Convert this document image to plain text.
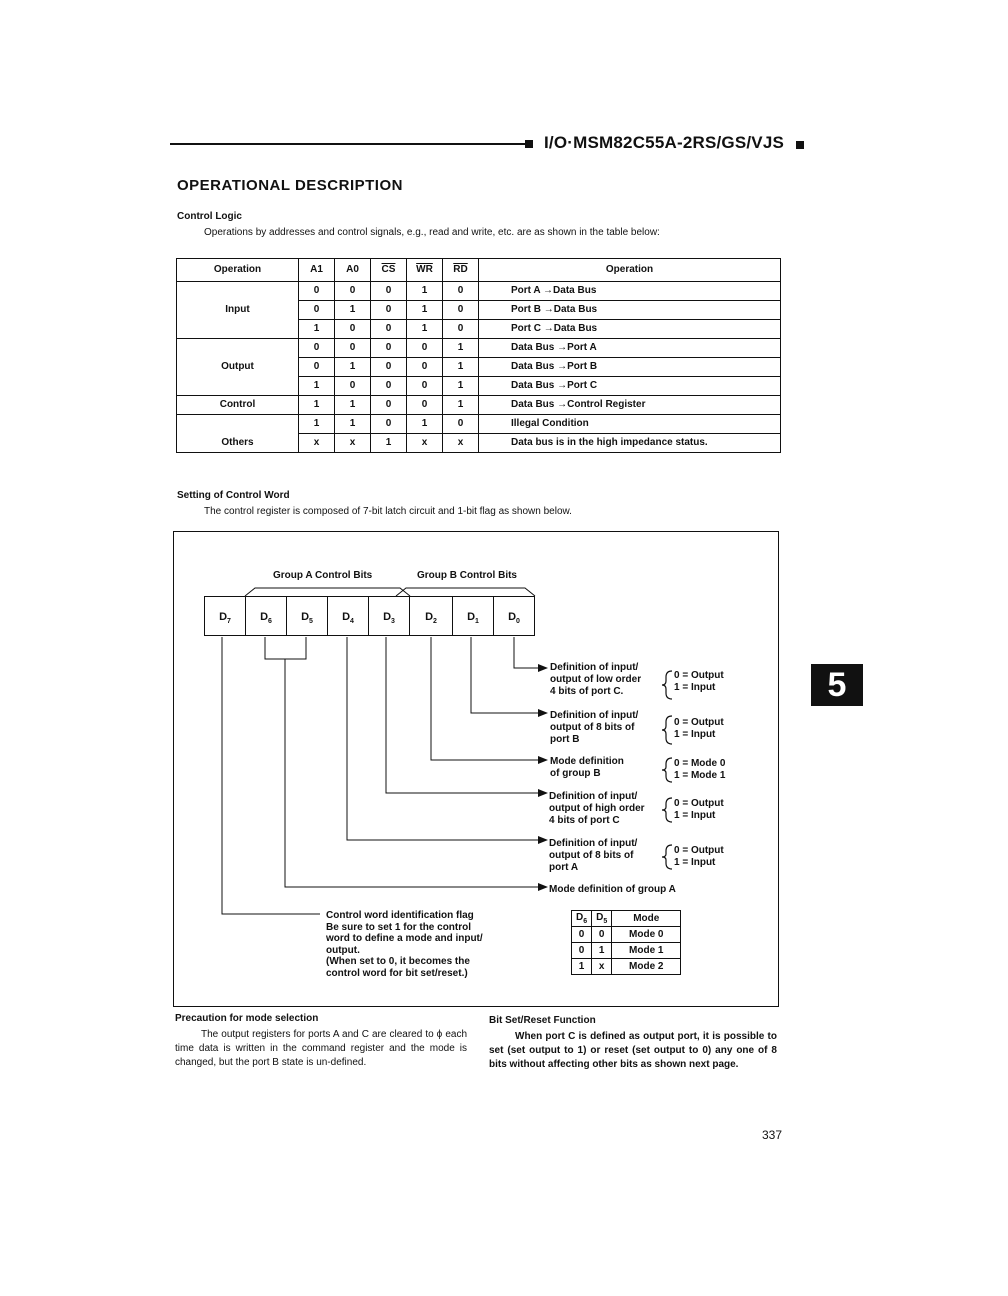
I/O·MSM82C55A-2RS/GS/VJS
OPERATIONAL DESCRIPTION
Control Logic
Operations by addresses and control signals, e.g., read and write, etc. are as shown in the table below:
Operation	A1	A0	$\overline{CS}$	$\overline{WR}$	$\overline{RD}$	Operation
Input	0	0	0	1	0	Port A →Data Bus
	0	1	0	1	0	Port B →Data Bus
	1	0	0	1	0	Port C →Data Bus
Output	0	0	0	0	1	Data Bus →Port A
	0	1	0	0	1	Data Bus →Port B
	1	0	0	0	1	Data Bus →Port C
Control	1	1	0	0	1	Data Bus →Control Register
Others	1	1	0	1	0	Illegal Condition
	x	x	1	x	x	Data bus is in the high impedance status.
Setting of Control Word
The control register is composed of 7-bit latch circuit and 1-bit flag as shown below.
Group A Control Bits	Group B Control Bits
$D_7$	$D_6$	$D_5$	$D_4$	$D_3$	$D_2$	$D_1$	$D_0$
Definition of input/
output of low order
4 bits of port C.
0 = Output
1 = Input
Definition of input/
output of 8 bits of
port B
0 = Output
1 = Input
Mode definition
of group B
0 = Mode 0
1 = Mode 1
Definition of input/
output of high order
4 bits of port C
0 = Output
1 = Input
Definition of input/
output of 8 bits of
port A
0 = Output
1 = Input
Mode definition of group A
Control word identification flag
Be sure to set 1 for the control
word to define a mode and input/
output.
(When set to 0, it becomes the
control word for bit set/reset.)
$D_6$	$D_5$	Mode
0	0	Mode 0
0	1	Mode 1
1	x	Mode 2
Precaution for mode selection
The output registers for ports A and C are cleared to ϕ each time data is written in the command register and the mode is changed, but the port B state is un-defined.
Bit Set/Reset Function
When port C is defined as output port, it is possible to set (set output to 1) or reset (set output to 0) any one of 8 bits without affecting other bits as shown next page.
5
337
